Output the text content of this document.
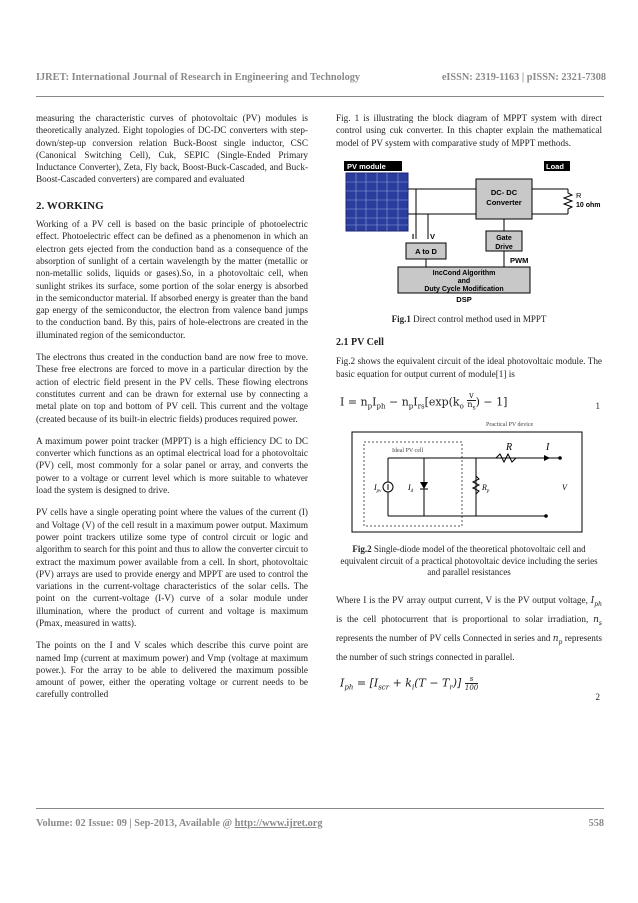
IJRET: International Journal of Research in Engineering and Technology	eISSN: 2319-1163 | pISSN: 2321-7308

measuring the characteristic curves of photovoltaic (PV) modules is theoretically analyzed. Eight topologies of DC-DC converters with step-down/step-up conversion relation Buck-Boost single inductor, CSC (Canonical Switching Cell), Cuk, SEPIC (Single-Ended Primary Inductance Converter), Zeta, Fly back, Boost-Buck-Cascaded, and Buck-Boost-Cascaded converters) are compared and evaluated

2. WORKING

Working of a PV cell is based on the basic principle of photoelectric effect. Photoelectric effect can be defined as a phenomenon in which an electron gets ejected from the conduction band as a consequence of the absorption of sunlight of a certain wavelength by the matter (metallic or non-metallic solids, liquids or gases).So, in a photovoltaic cell, when sunlight strikes its surface, some portion of the solar energy is absorbed in the semiconductor material. If absorbed energy is greater than the band gap energy of the semiconductor, the electron from valence band jumps to the conduction band. By this, pairs of hole-electrons are created in the illuminated region of the semiconductor.

The electrons thus created in the conduction band are now free to move. These free electrons are forced to move in a particular direction by the action of electric field present in the PV cells. These flowing electrons constitutes current and can be drawn for external use by connecting a metal plate on top and bottom of PV cell. This current and the voltage (created because of its built-in electric fields) produces required power.

A maximum power point tracker (MPPT) is a high efficiency DC to DC converter which functions as an optimal electrical load for a photovoltaic (PV) cell, most commonly for a solar panel or array, and converts the power to a voltage or current level which is more suitable to whatever load the system is designed to drive.

PV cells have a single operating point where the values of the current (I) and Voltage (V) of the cell result in a maximum power output. Maximum power point trackers utilize some type of control circuit or logic and algorithm to search for this point and thus to allow the converter circuit to extract the maximum power available from a cell. In short, photovoltaic (PV) arrays are used to provide energy and MPPT are used to control the variations in the current-voltage characteristics of the solar cells. The point on the current-voltage (I-V) curve of a solar module under illumination, where the product of current and voltage is maximum (Pmax, measured in watts).

The points on the I and V scales which describe this curve point are named Imp (current at maximum power) and Vmp (voltage at maximum power.). For the array to be able to delivered the maximum possible amount of power, either the operating voltage or current needs to be carefully controlled

Fig. 1 is illustrating the block diagram of MPPT system with direct control using cuk converter. In this chapter explain the mathematical model of PV system with comparative study of MPPT methods.

PV module
I V
DC- DC
Converter
Load
R
10 ohm
A to D
Gate
Drive
PWM
IncCond Algorithm
and
Duty Cycle Modification
DSP

Fig.1 Direct control method used in MPPT

2.1 PV Cell

Fig.2 shows the equivalent circuit of the ideal photovoltaic module. The basic equation for output current of module[1] is

$I = n_pI_{ph} - n_pI_{rs}[\exp(k_o \frac{v}{n_s}$ ) − 1]	1
Practical PV device
Ideal PV cell
$I_{pv}$	$I_d$	$R_p$
R	I
V

Fig.2 Single-diode model of the theoretical photovoltaic cell and equivalent circuit of a practical photovoltaic device including the series and parallel resistances

Where I is the PV array output current, V is the PV output voltage, $I_{ph}$ is the cell photocurrent that is proportional to solar irradiation, $n_s$ represents the number of PV cells Connected in series and $n_p$ represents the number of such strings connected in parallel.

$I_{ph} = [I_{scr} + k_i(T - T_r)] \frac{s}{100}$
2
Volume: 02 Issue: 09 | Sep-2013, Available @ http://www.ijret.org	558
